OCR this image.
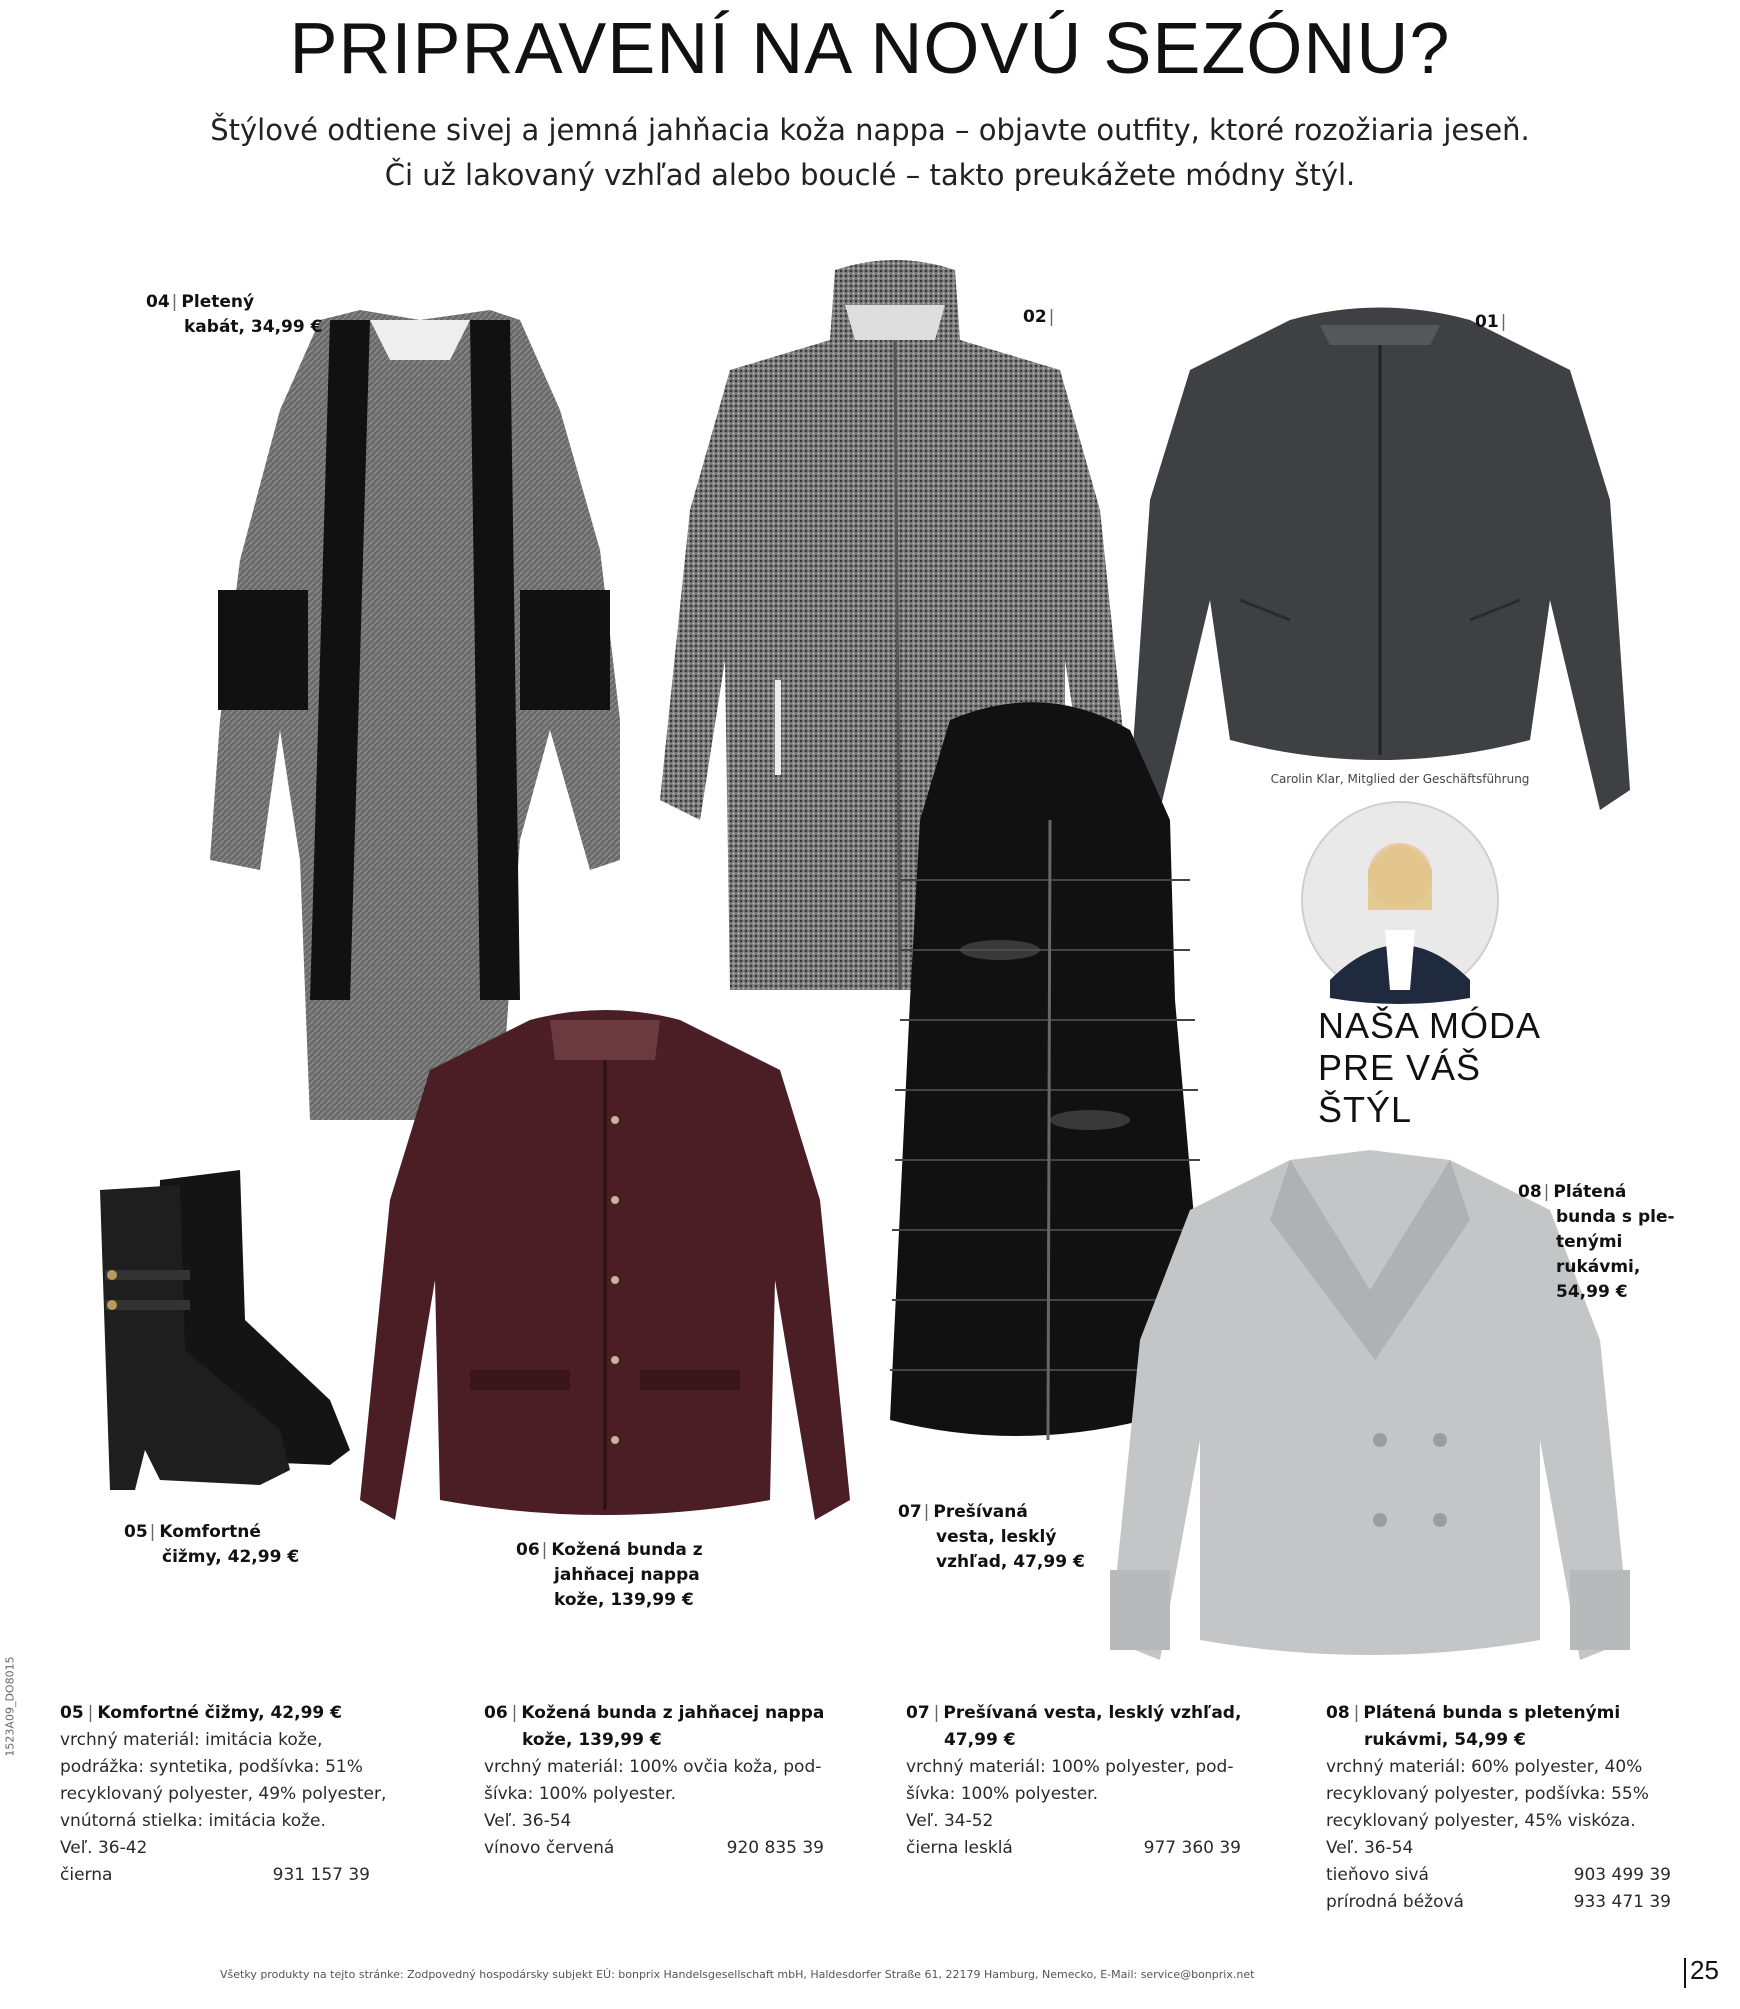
PRIPRAVENÍ NA NOVÚ SEZÓNU?
Štýlové odtiene sivej a jemná jahňacia koža nappa – objavte outfity, ktoré rozožiaria jeseň.
Či už lakovaný vzhľad alebo bouclé – takto preukážete módny štýl.
Carolin Klar, Mitglied der Geschäftsführung
NAŠA MÓDA
PRE VÁŠ
ŠTÝL
04 | Pletený
kabát, 34,99 €	02 |	01 |
05 | Komfortné
čižmy, 42,99 €	06 | Kožená bunda z
jahňacej nappa
kože, 139,99 €
07 | Prešívaná
vesta, lesklý
vzhľad, 47,99 €
08 | Plátená
bunda s ple-
tenými
rukávmi,
54,99 €
05 | Komfortné čižmy, 42,99 €
vrchný materiál: imitácia kože,
podrážka: syntetika, podšívka: 51%
recyklovaný polyester, 49% polyester,
vnútorná stielka: imitácia kože.
Veľ. 36-42
čierna	931 157 39
06 | Kožená bunda z jahňacej nappa
kože, 139,99 €
vrchný materiál: 100% ovčia koža, pod-
šívka: 100% polyester.
Veľ. 36-54
vínovo červená	920 835 39
07 | Prešívaná vesta, lesklý vzhľad,
47,99 €
vrchný materiál: 100% polyester, pod-
šívka: 100% polyester.
Veľ. 34-52
čierna lesklá	977 360 39
08 | Plátená bunda s pletenými
rukávmi, 54,99 €
vrchný materiál: 60% polyester, 40%
recyklovaný polyester, podšívka: 55%
recyklovaný polyester, 45% viskóza.
Veľ. 36-54
tieňovo sivá	903 499 39
prírodná béžová	933 471 39
Všetky produkty na tejto stránke: Zodpovedný hospodársky subjekt EÚ: bonprix Handelsgesellschaft mbH, Haldesdorfer Straße 61, 22179 Hamburg, Nemecko, E-Mail: service@bonprix.net	25
1523A09_DO8015
